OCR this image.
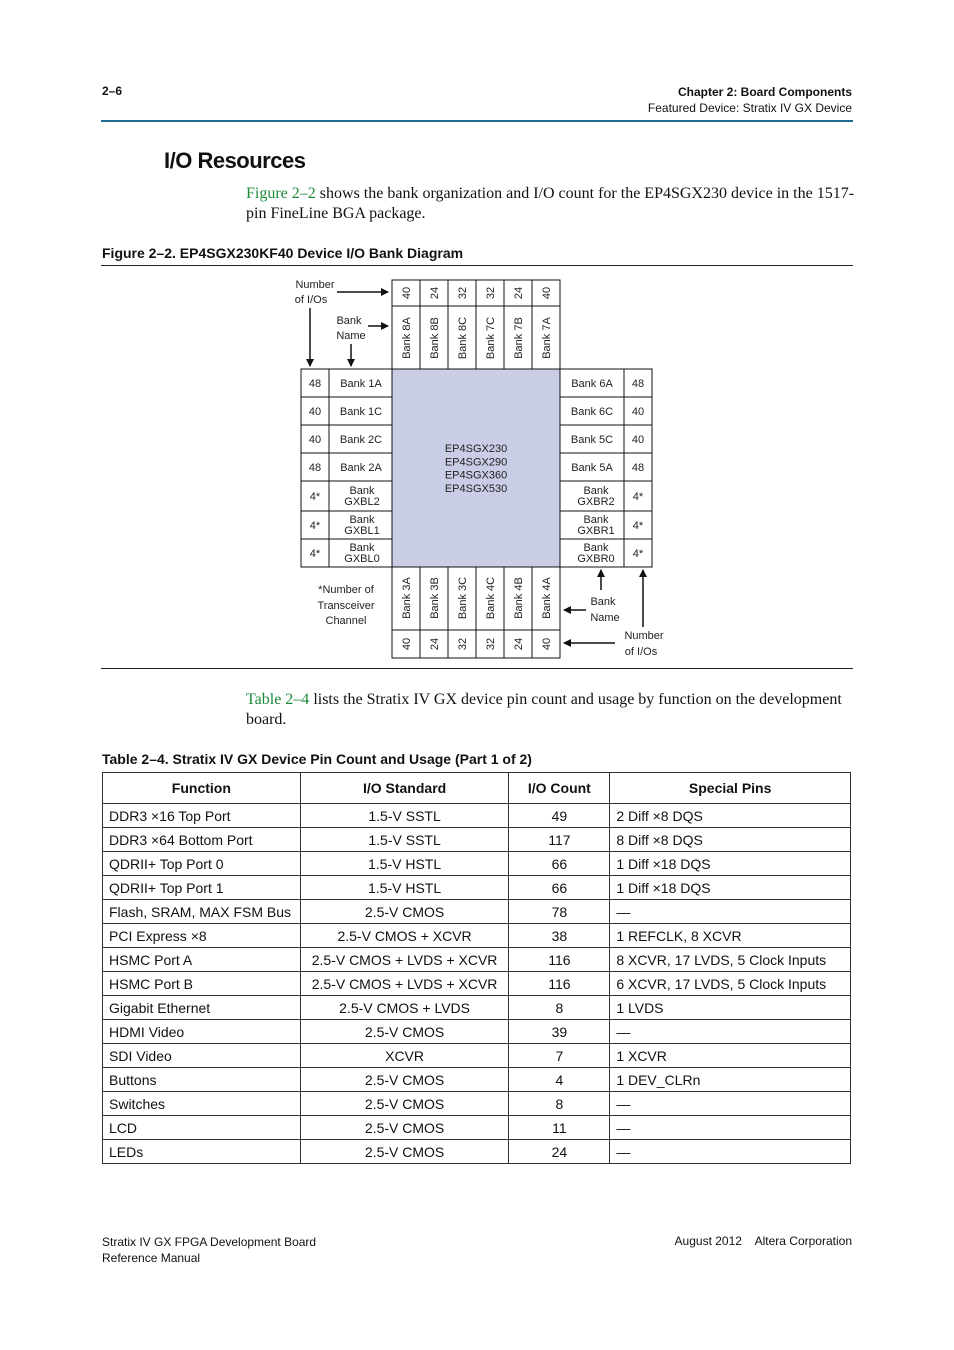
2–6	Chapter 2: Board Components
Featured Device: Stratix IV GX Device
I/O Resources
Figure 2–2 shows the bank organization and I/O count for the EP4SGX230 device in the 1517-pin FineLine BGA package.
Figure 2–2. EP4SGX230KF40 Device I/O Bank Diagram
EP4SGX230
EP4SGX290
EP4SGX360
EP4SGX530
40
Bank 8A
Bank 3A
40
24
Bank 8B
Bank 3B
24
32
Bank 8C
Bank 3C
32
32
Bank 7C
Bank 4C
32
24
Bank 7B
Bank 4B
24
40
Bank 7A
Bank 4A
40
48	48
Bank 1A	Bank 6A
40	40
Bank 1C	Bank 6C
40	40
Bank 2C	Bank 5C
48	48
Bank 2A	Bank 5A
4*	4*
Bank
GXBL2
Bank
GXBR2
4*	4*
Bank
GXBL1
Bank
GXBR1
4*	4*
Bank
GXBL0
Bank
GXBR0
Number
of I/Os
Bank
Name
*Number of
Transceiver
Channel
Bank
Name
Number
of I/Os
Table 2–4 lists the Stratix IV GX device pin count and usage by function on the development board.
Table 2–4. Stratix IV GX Device Pin Count and Usage (Part 1 of 2)
Function	I/O Standard	I/O Count	Special Pins
DDR3 ×16 Top Port	1.5-V SSTL	49	2 Diff ×8 DQS
DDR3 ×64 Bottom Port	1.5-V SSTL	117	8 Diff ×8 DQS
QDRII+ Top Port 0	1.5-V HSTL	66	1 Diff ×18 DQS
QDRII+ Top Port 1	1.5-V HSTL	66	1 Diff ×18 DQS
Flash, SRAM, MAX FSM Bus	2.5-V CMOS	78	—
PCI Express ×8	2.5-V CMOS + XCVR	38	1 REFCLK, 8 XCVR
HSMC Port A	2.5-V CMOS + LVDS + XCVR	116	8 XCVR, 17 LVDS, 5 Clock Inputs
HSMC Port B	2.5-V CMOS + LVDS + XCVR	116	6 XCVR, 17 LVDS, 5 Clock Inputs
Gigabit Ethernet	2.5-V CMOS + LVDS	8	1 LVDS
HDMI Video	2.5-V CMOS	39	—
SDI Video	XCVR	7	1 XCVR
Buttons	2.5-V CMOS	4	1 DEV_CLRn
Switches	2.5-V CMOS	8	—
LCD	2.5-V CMOS	11	—
LEDs	2.5-V CMOS	24	—
Stratix IV GX FPGA Development Board
Reference Manual
August 2012    Altera Corporation
